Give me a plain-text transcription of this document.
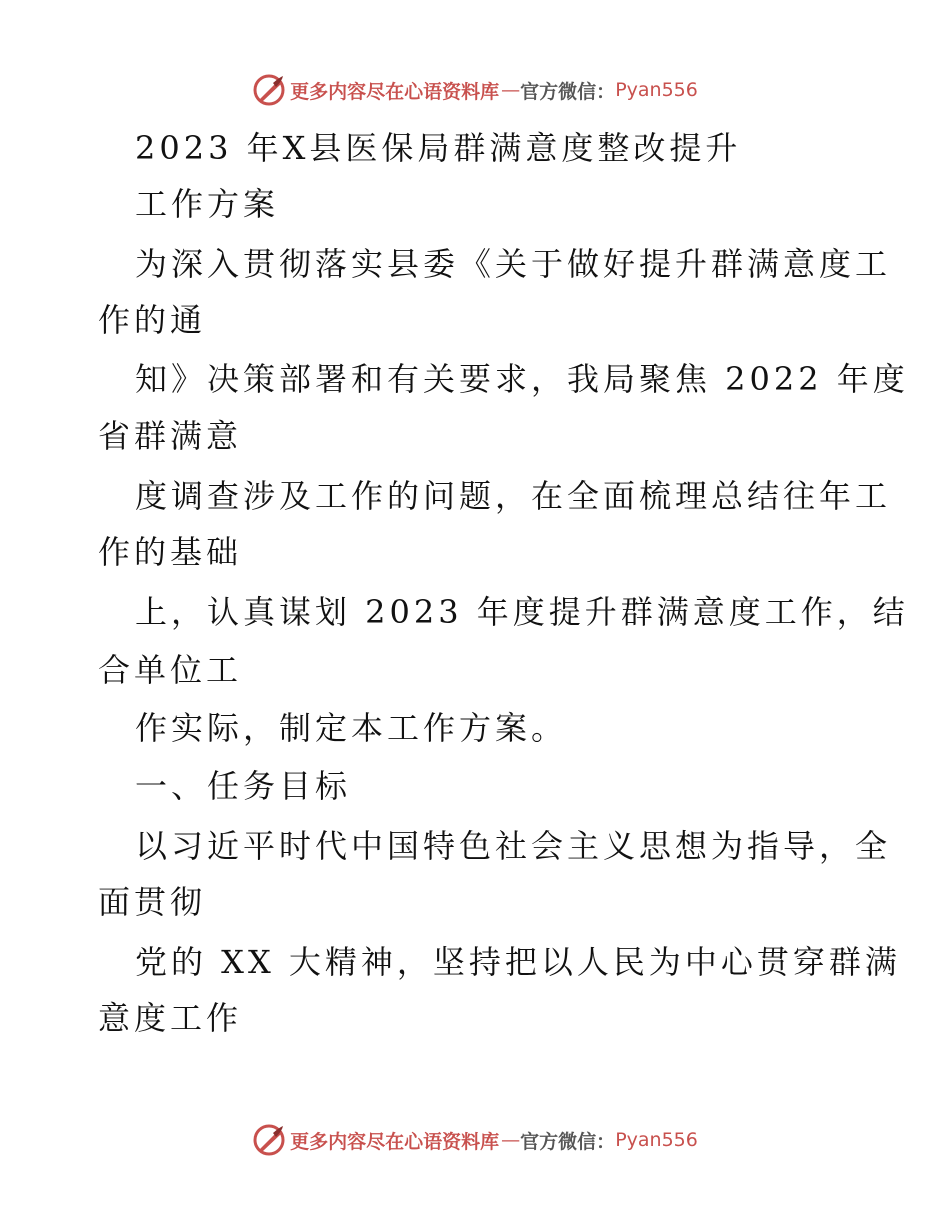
更多内容尽在心语资料库 — 官方微信： Pyan556
2023 年X县医保局群满意度整改提升
工作方案
为深入贯彻落实县委《关于做好提升群满意度工
作的通
知》决策部署和有关要求，我局聚焦 2022 年度
省群满意
度调查涉及工作的问题，在全面梳理总结往年工
作的基础
上，认真谋划 2023 年度提升群满意度工作，结
合单位工
作实际，制定本工作方案。
一、任务目标
以习近平时代中国特色社会主义思想为指导，全
面贯彻
党的 XX 大精神，坚持把以人民为中心贯穿群满
意度工作
更多内容尽在心语资料库 — 官方微信： Pyan556
